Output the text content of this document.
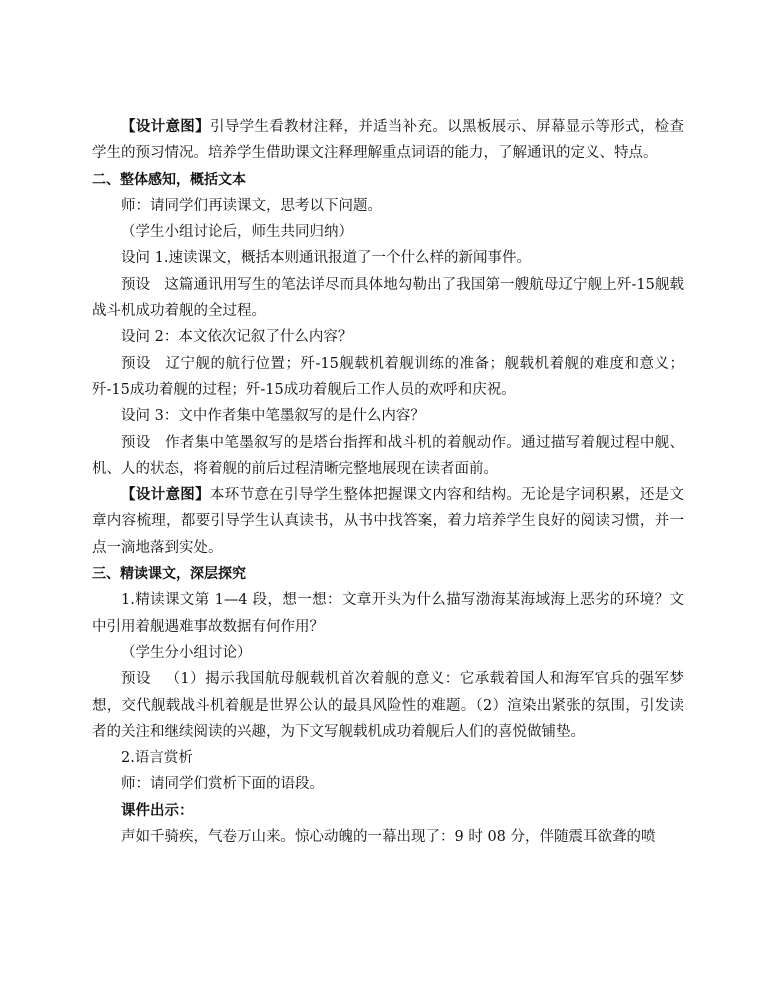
【设计意图】引导学生看教材注释，并适当补充。以黑板展示、屏幕显示等形式，检查学生的预习情况。培养学生借助课文注释理解重点词语的能力，了解通讯的定义、特点。

二、整体感知，概括文本

师：请同学们再读课文，思考以下问题。

（学生小组讨论后，师生共同归纳）

设问 1.速读课文，概括本则通讯报道了一个什么样的新闻事件。

预设 这篇通讯用写生的笔法详尽而具体地勾勒出了我国第一艘航母辽宁舰上歼-15舰载战斗机成功着舰的全过程。

设问 2：本文依次记叙了什么内容？

预设 辽宁舰的航行位置；歼-15舰载机着舰训练的准备；舰载机着舰的难度和意义；歼-15成功着舰的过程；歼-15成功着舰后工作人员的欢呼和庆祝。

设问 3：文中作者集中笔墨叙写的是什么内容？

预设 作者集中笔墨叙写的是塔台指挥和战斗机的着舰动作。通过描写着舰过程中舰、机、人的状态，将着舰的前后过程清晰完整地展现在读者面前。

【设计意图】本环节意在引导学生整体把握课文内容和结构。无论是字词积累，还是文章内容梳理，都要引导学生认真读书，从书中找答案，着力培养学生良好的阅读习惯，并一点一滴地落到实处。

三、精读课文，深层探究

1.精读课文第 1—4 段，想一想：文章开头为什么描写渤海某海域海上恶劣的环境？文中引用着舰遇难事故数据有何作用？

（学生分小组讨论）

预设 （1）揭示我国航母舰载机首次着舰的意义：它承载着国人和海军官兵的强军梦想，交代舰载战斗机着舰是世界公认的最具风险性的难题。（2）渲染出紧张的氛围，引发读者的关注和继续阅读的兴趣，为下文写舰载机成功着舰后人们的喜悦做铺垫。

2.语言赏析

师：请同学们赏析下面的语段。

课件出示：

声如千骑疾，气卷万山来。惊心动魄的一幕出现了：9 时 08 分，伴随震耳欲聋的喷
